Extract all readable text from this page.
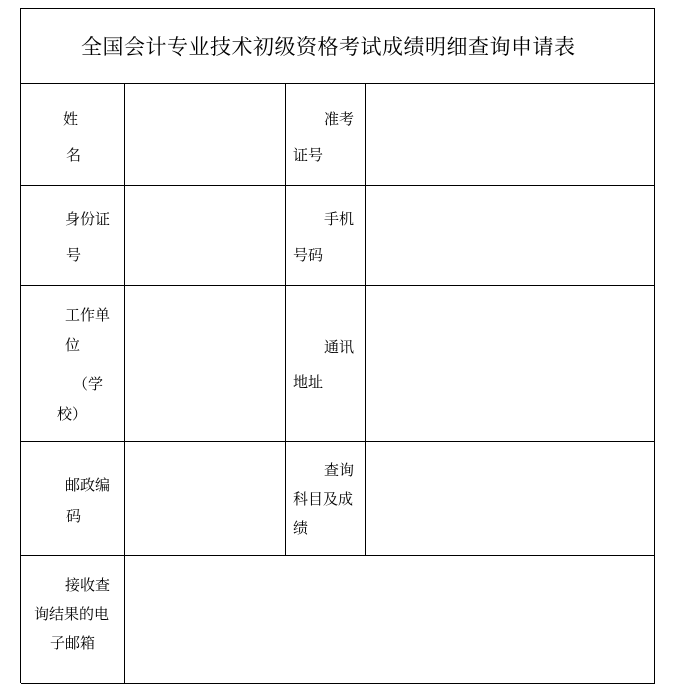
全国会计专业技术初级资格考试成绩明细查询申请表
姓
名
准考
证号
身份证
号
手机
号码
工作单
位
（学
校）
通讯
地址
邮政编
码
查询
科目及成
绩
接收查
询结果的电
子邮箱
